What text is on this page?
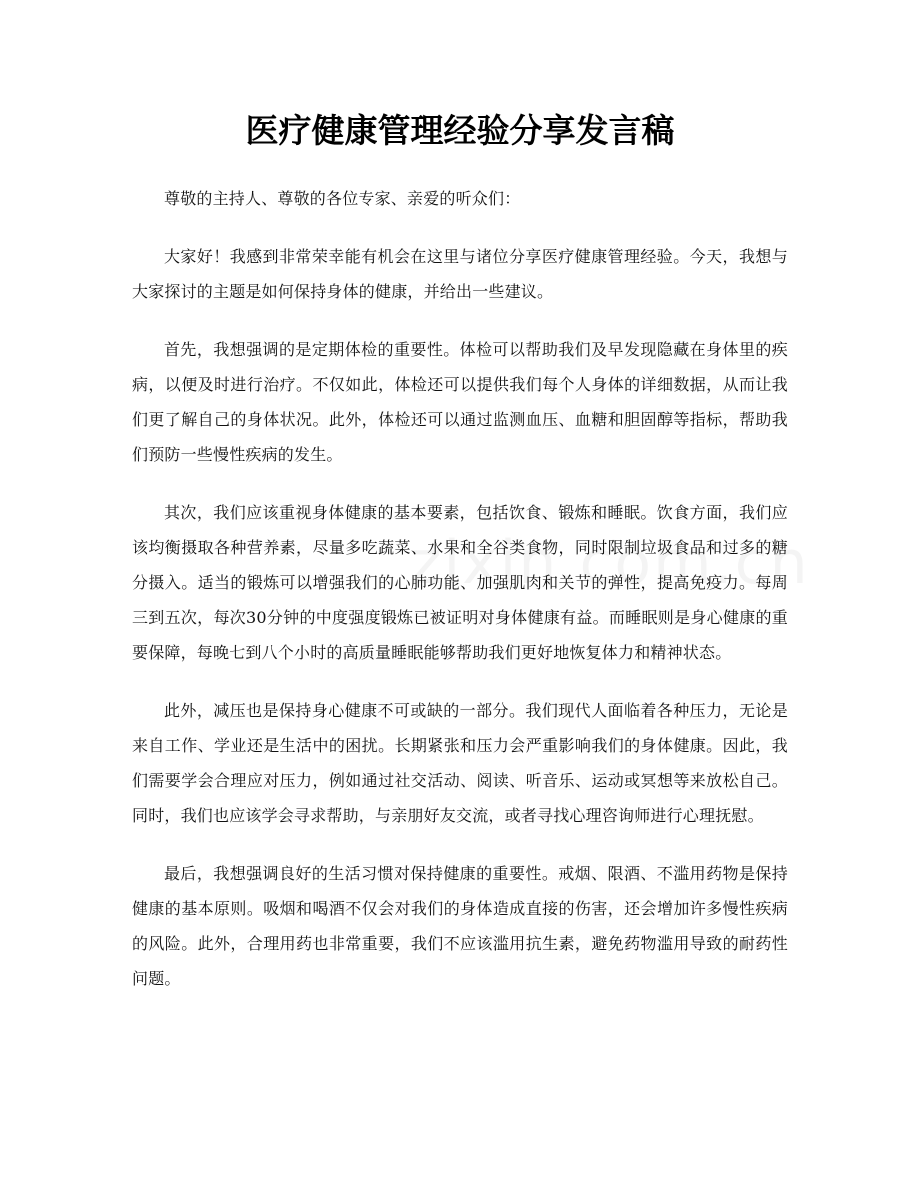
医疗健康管理经验分享发言稿

尊敬的主持人、尊敬的各位专家、亲爱的听众们：

大家好！我感到非常荣幸能有机会在这里与诸位分享医疗健康管理经验。今天，我想与大家探讨的主题是如何保持身体的健康，并给出一些建议。

首先，我想强调的是定期体检的重要性。体检可以帮助我们及早发现隐藏在身体里的疾病，以便及时进行治疗。不仅如此，体检还可以提供我们每个人身体的详细数据，从而让我们更了解自己的身体状况。此外，体检还可以通过监测血压、血糖和胆固醇等指标，帮助我们预防一些慢性疾病的发生。

其次，我们应该重视身体健康的基本要素，包括饮食、锻炼和睡眠。饮食方面，我们应该均衡摄取各种营养素，尽量多吃蔬菜、水果和全谷类食物，同时限制垃圾食品和过多的糖分摄入。适当的锻炼可以增强我们的心肺功能、加强肌肉和关节的弹性，提高免疫力。每周三到五次，每次30分钟的中度强度锻炼已被证明对身体健康有益。而睡眠则是身心健康的重要保障，每晚七到八个小时的高质量睡眠能够帮助我们更好地恢复体力和精神状态。

此外，减压也是保持身心健康不可或缺的一部分。我们现代人面临着各种压力，无论是来自工作、学业还是生活中的困扰。长期紧张和压力会严重影响我们的身体健康。因此，我们需要学会合理应对压力，例如通过社交活动、阅读、听音乐、运动或冥想等来放松自己。同时，我们也应该学会寻求帮助，与亲朋好友交流，或者寻找心理咨询师进行心理抚慰。

最后，我想强调良好的生活习惯对保持健康的重要性。戒烟、限酒、不滥用药物是保持健康的基本原则。吸烟和喝酒不仅会对我们的身体造成直接的伤害，还会增加许多慢性疾病的风险。此外，合理用药也非常重要，我们不应该滥用抗生素，避免药物滥用导致的耐药性问题。
